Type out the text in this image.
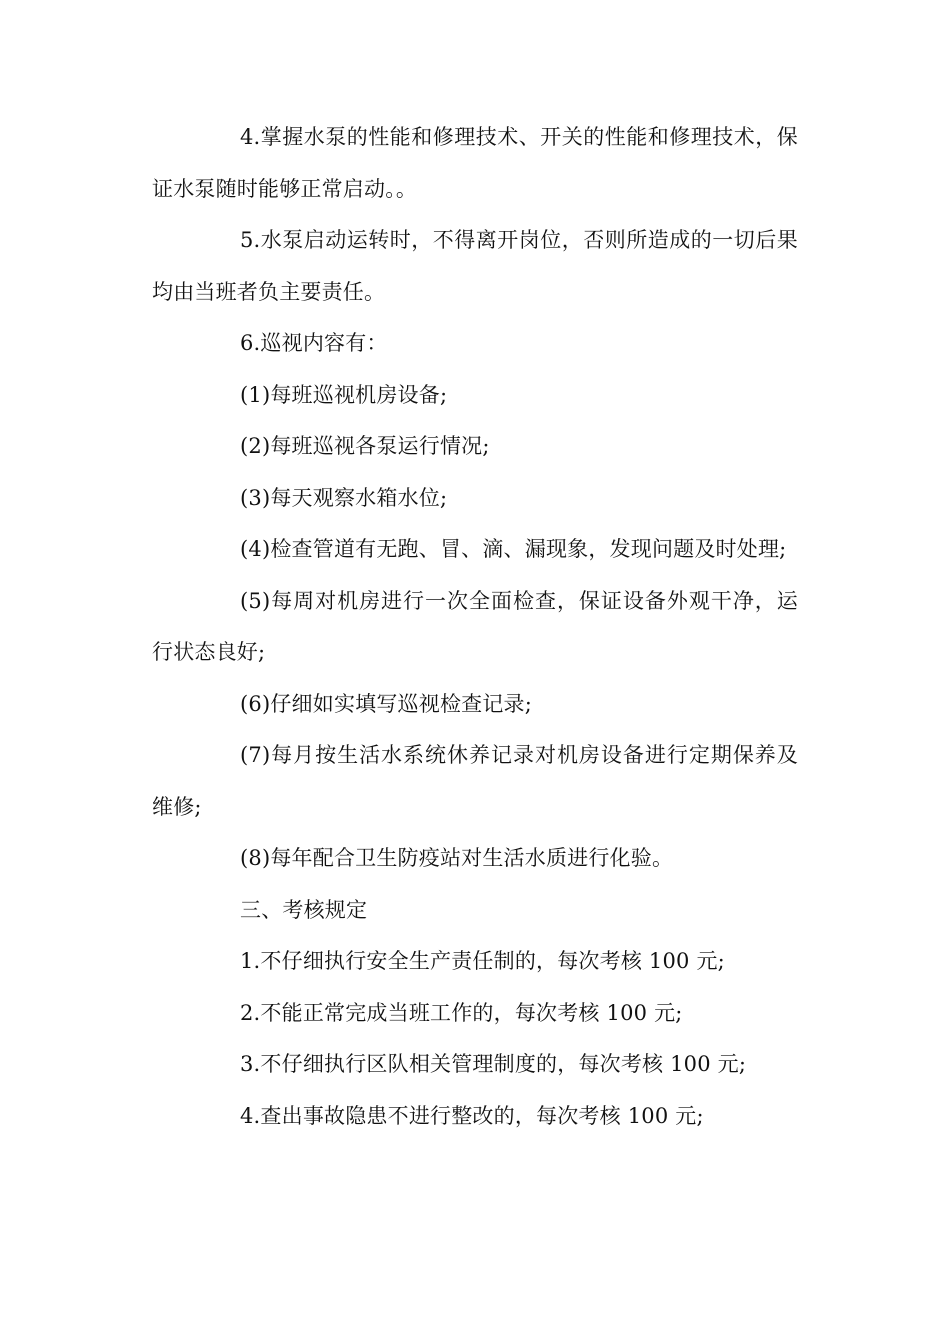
4.掌握水泵的性能和修理技术、开关的性能和修理技术，保证水泵随时能够正常启动。。

5.水泵启动运转时，不得离开岗位，否则所造成的一切后果均由当班者负主要责任。

6.巡视内容有：

(1)每班巡视机房设备;

(2)每班巡视各泵运行情况;

(3)每天观察水箱水位;

(4)检查管道有无跑、冒、滴、漏现象，发现问题及时处理;

(5)每周对机房进行一次全面检查，保证设备外观干净，运行状态良好;

(6)仔细如实填写巡视检查记录;

(7)每月按生活水系统休养记录对机房设备进行定期保养及维修;

(8)每年配合卫生防疫站对生活水质进行化验。

三、考核规定

1.不仔细执行安全生产责任制的，每次考核 100 元;

2.不能正常完成当班工作的，每次考核 100 元;

3.不仔细执行区队相关管理制度的，每次考核 100 元;

4.查出事故隐患不进行整改的，每次考核 100 元;
